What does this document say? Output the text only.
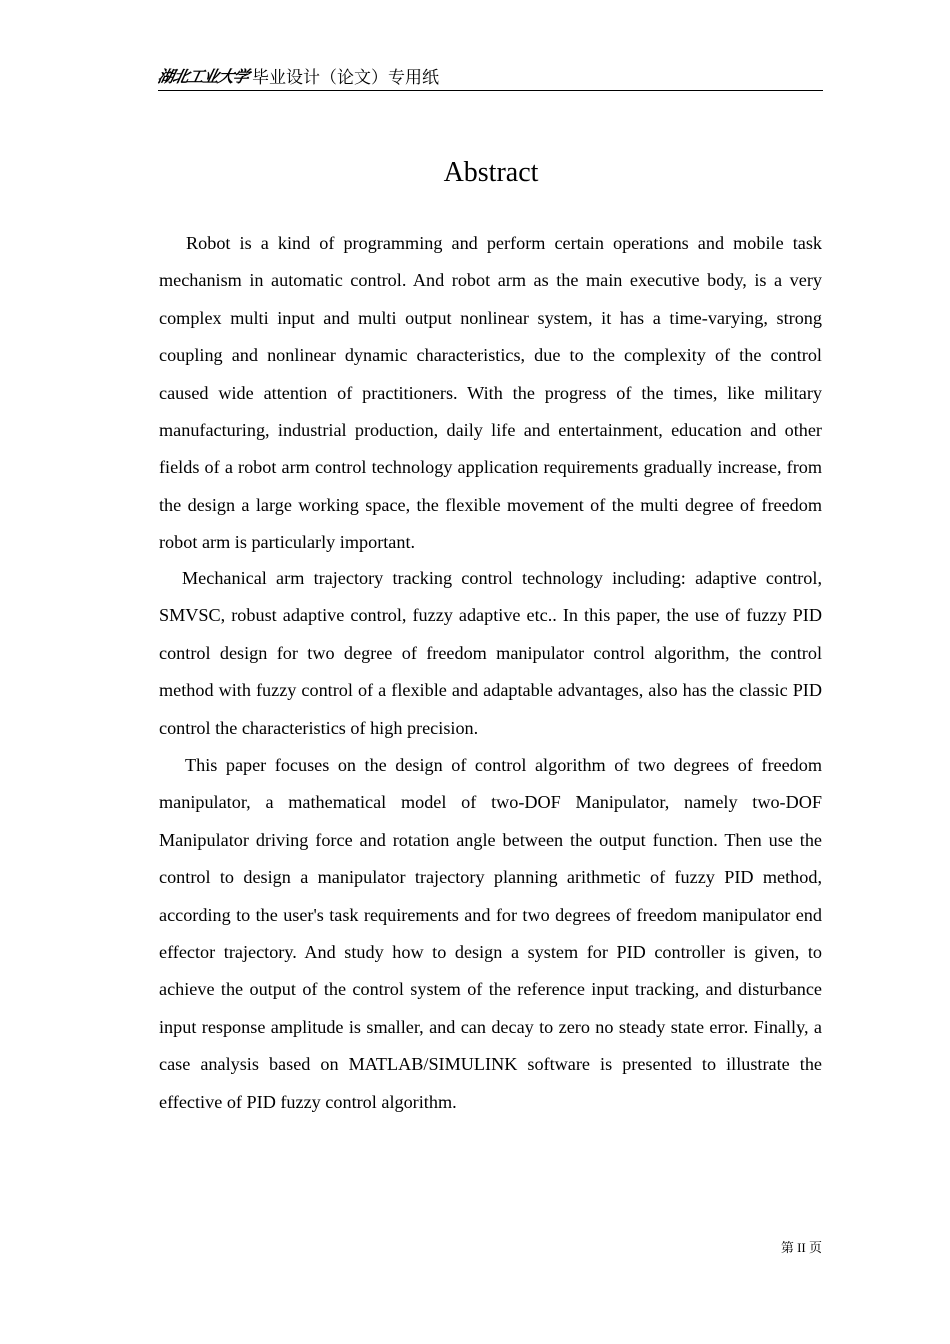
湖北工业大学 毕业设计（论文）专用纸
Abstract

Robot is a kind of programming and perform certain operations and mobile task mechanism in automatic control. And robot arm as the main executive body, is a very complex multi input and multi output nonlinear system, it has a time-varying, strong coupling and nonlinear dynamic characteristics, due to the complexity of the control caused wide attention of practitioners. With the progress of the times, like military manufacturing, industrial production, daily life and entertainment, education and other fields of a robot arm control technology application requirements gradually increase, from the design a large working space, the flexible movement of the multi degree of freedom robot arm is particularly important.

Mechanical arm trajectory tracking control technology including: adaptive control, SMVSC, robust adaptive control, fuzzy adaptive etc.. In this paper, the use of fuzzy PID control design for two degree of freedom manipulator control algorithm, the control method with fuzzy control of a flexible and adaptable advantages, also has the classic PID control the characteristics of high precision.

This paper focuses on the design of control algorithm of two degrees of freedom manipulator, a mathematical model of two-DOF Manipulator, namely two-DOF Manipulator driving force and rotation angle between the output function. Then use the control to design a manipulator trajectory planning arithmetic of fuzzy PID method, according to the user's task requirements and for two degrees of freedom manipulator end effector trajectory. And study how to design a system for PID controller is given, to achieve the output of the control system of the reference input tracking, and disturbance input response amplitude is smaller, and can decay to zero no steady state error. Finally, a case analysis based on MATLAB/SIMULINK software is presented to illustrate the effective of PID fuzzy control algorithm.

第 II 页
